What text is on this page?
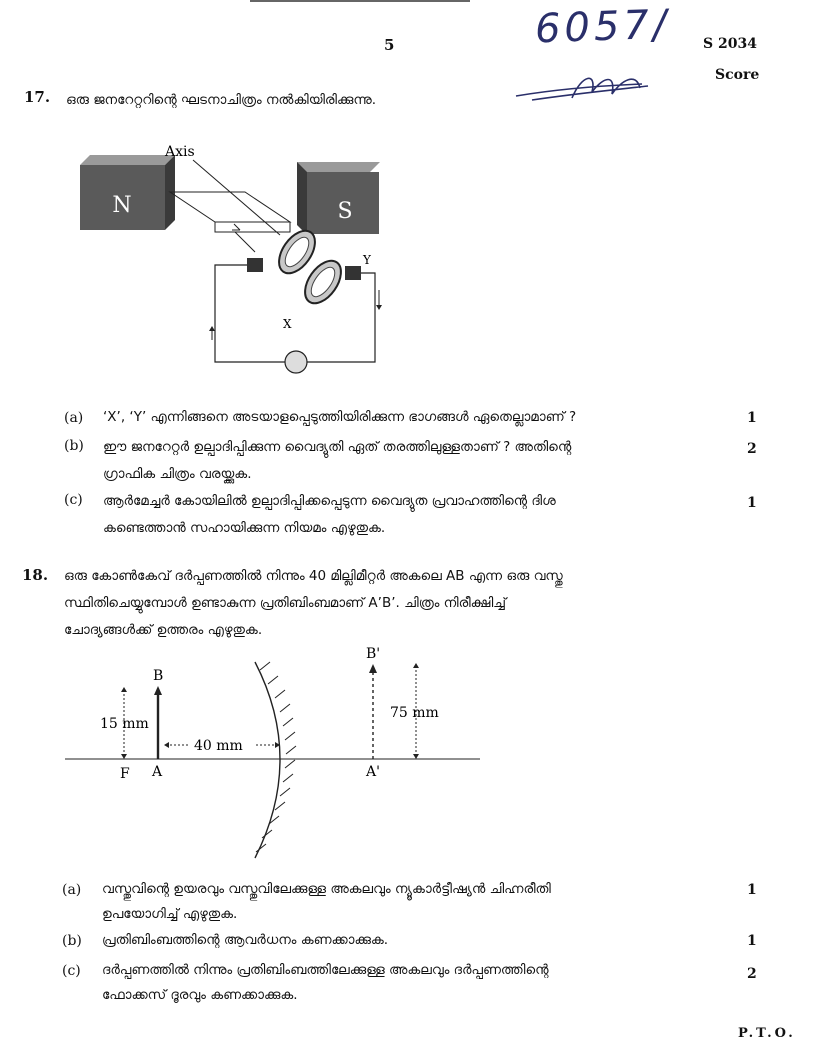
5	6057/ S 2034
Score
17. ഒരു ജനറേറ്ററിന്റെ ഘടനാചിത്രം നൽകിയിരിക്കുന്നു.
N	S
Axis
Y
X
(a) ‘X’, ‘Y’ എന്നിങ്ങനെ അടയാളപ്പെടുത്തിയിരിക്കുന്ന ഭാഗങ്ങൾ ഏതെല്ലാമാണ് ?	1
(b) ഈ ജനറേറ്റർ ഉല്പാദിപ്പിക്കുന്ന വൈദ്യുതി ഏത് തരത്തിലുള്ളതാണ് ? അതിന്റെ
ഗ്രാഫിക ചിത്രം വരയ്ക്കുക.
2
(c) ആർമേച്ചർ കോയിലിൽ ഉല്പാദിപ്പിക്കപ്പെടുന്ന വൈദ്യുത പ്രവാഹത്തിന്റെ ദിശ
കണ്ടെത്താൻ സഹായിക്കുന്ന നിയമം എഴുതുക.
1
18. ഒരു കോൺകേവ് ദർപ്പണത്തിൽ നിന്നും 40 മില്ലിമീറ്റർ അകലെ AB എന്ന ഒരു വസ്തു
സ്ഥിതിചെയ്യുമ്പോൾ ഉണ്ടാകുന്ന പ്രതിബിംബമാണ് A’B’. ചിത്രം നിരീക്ഷിച്ച്
ചോദ്യങ്ങൾക്ക് ഉത്തരം എഴുതുക.
B
B'
15 mm
75 mm
40 mm
F A	A'
(a) വസ്തുവിന്റെ ഉയരവും വസ്തുവിലേക്കുള്ള അകലവും ന്യൂകാർട്ടീഷ്യൻ ചിഹ്നരീതി
ഉപയോഗിച്ച് എഴുതുക.
1
(b) പ്രതിബിംബത്തിന്റെ ആവർധനം കണക്കാക്കുക.	1
(c) ദർപ്പണത്തിൽ നിന്നും പ്രതിബിംബത്തിലേക്കുള്ള അകലവും ദർപ്പണത്തിന്റെ
ഫോക്കസ് ദൂരവും കണക്കാക്കുക.
2
P.T.O.
